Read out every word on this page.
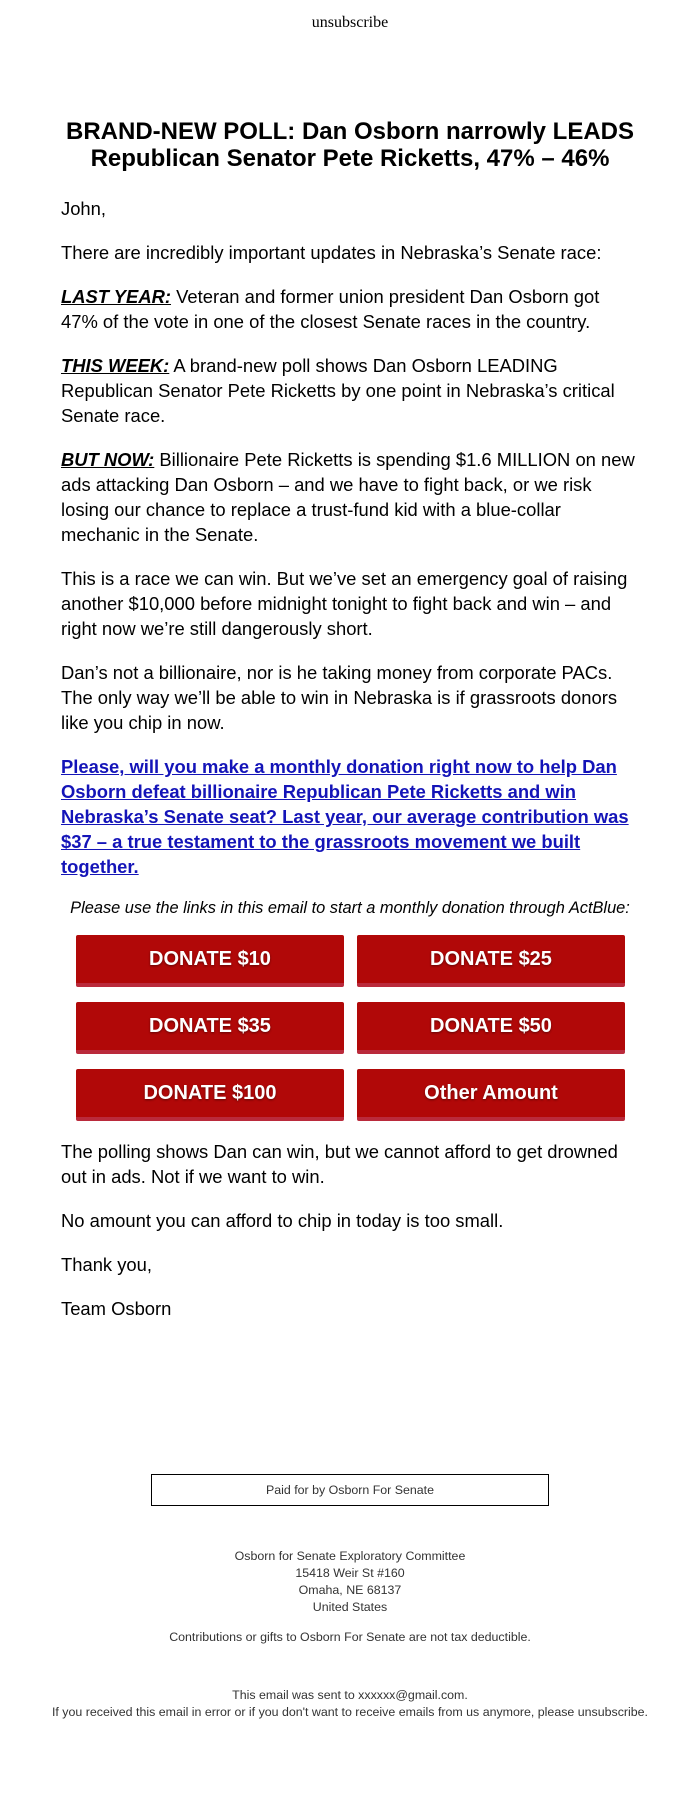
unsubscribe
BRAND-NEW POLL: Dan Osborn narrowly LEADS Republican Senator Pete Ricketts, 47% – 46%

John,

There are incredibly important updates in Nebraska’s Senate race:

LAST YEAR: Veteran and former union president Dan Osborn got 47% of the vote in one of the closest Senate races in the country.

THIS WEEK: A brand-new poll shows Dan Osborn LEADING Republican Senator Pete Ricketts by one point in Nebraska’s critical Senate race.

BUT NOW: Billionaire Pete Ricketts is spending $1.6 MILLION on new ads attacking Dan Osborn – and we have to fight back, or we risk losing our chance to replace a trust-fund kid with a blue-collar mechanic in the Senate.

This is a race we can win. But we’ve set an emergency goal of raising another $10,000 before midnight tonight to fight back and win – and right now we’re still dangerously short.

Dan’s not a billionaire, nor is he taking money from corporate PACs. The only way we’ll be able to win in Nebraska is if grassroots donors like you chip in now.

Please, will you make a monthly donation right now to help Dan Osborn defeat billionaire Republican Pete Ricketts and win Nebraska’s Senate seat? Last year, our average contribution was $37 – a true testament to the grassroots movement we built together.
Please use the links in this email to start a monthly donation through ActBlue:
DONATE $10	DONATE $25
DONATE $35	DONATE $50
DONATE $100	Other Amount

The polling shows Dan can win, but we cannot afford to get drowned out in ads. Not if we want to win.

No amount you can afford to chip in today is too small.

Thank you,

Team Osborn

Paid for by Osborn For Senate
Osborn for Senate Exploratory Committee
15418 Weir St #160
Omaha, NE 68137
United States
Contributions or gifts to Osborn For Senate are not tax deductible.
This email was sent to xxxxxx@gmail.com.
If you received this email in error or if you don't want to receive emails from us anymore, please unsubscribe.
